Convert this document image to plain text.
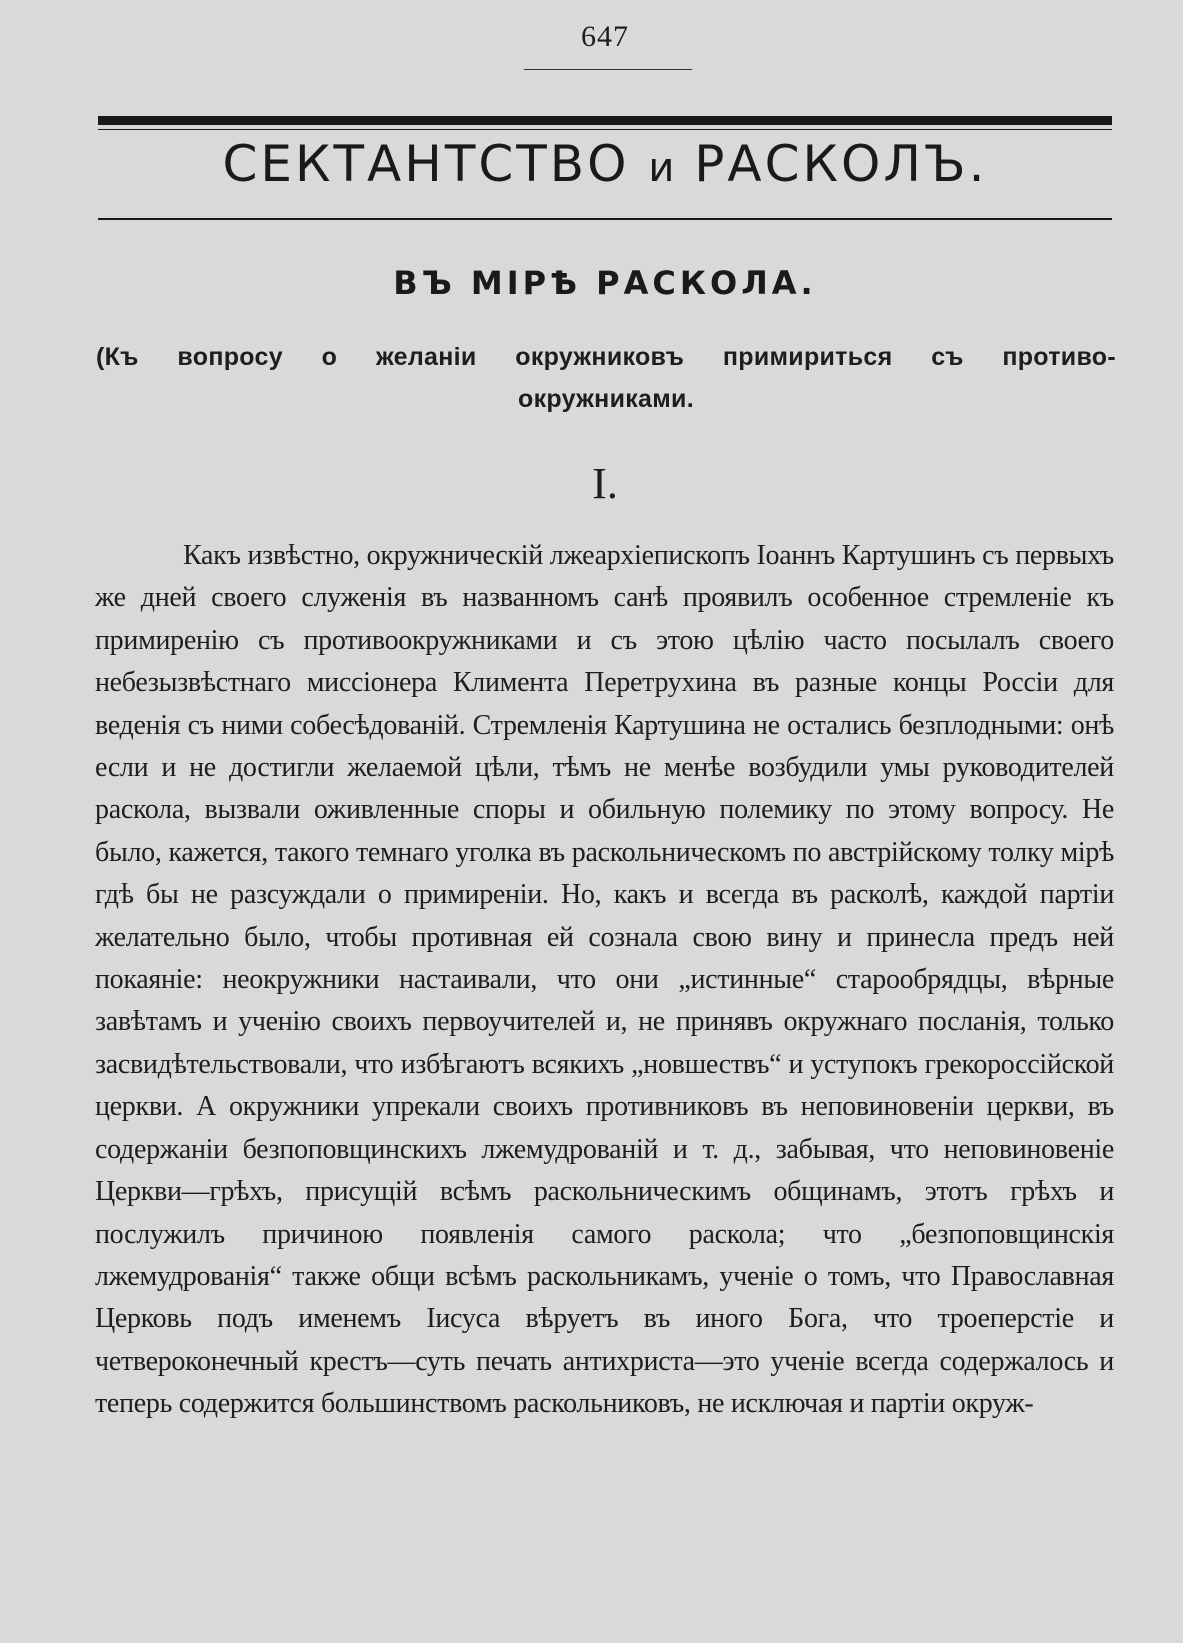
647
СЕКТАНТСТВО и РАСКОЛЪ.
ВЪ МІРѢ РАСКОЛА.

(Къ вопросу о желаніи окружниковъ примириться съ противо-окружниками.

I.

Какъ извѣстно, окружническій лжеархіепископъ Іоаннъ Картушинъ съ первыхъ же дней своего служенія въ названномъ санѣ проявилъ особенное стремленіе къ примиренію съ противоокружниками и съ этою цѣлію часто посылалъ своего небезызвѣстнаго миссіонера Климента Перетрухина въ разные концы Россіи для веденія съ ними собесѣдованій. Стремленія Картушина не остались безплодными: онѣ если и не достигли желаемой цѣли, тѣмъ не менѣе возбудили умы руководителей раскола, вызвали оживленные споры и обильную полемику по этому вопросу. Не было, кажется, такого темнаго уголка въ раскольническомъ по австрійскому толку мірѣ гдѣ бы не разсуждали о примиреніи. Но, какъ и всегда въ расколѣ, каждой партіи желательно было, чтобы противная ей сознала свою вину и принесла предъ ней покаяніе: неокружники настаивали, что они „истинные“ старообрядцы, вѣрные завѣтамъ и ученію своихъ первоучителей и, не принявъ окружнаго посланія, только засвидѣтельствовали, что избѣгаютъ всякихъ „новшествъ“ и уступокъ грекороссійской церкви. А окружники упрекали своихъ противниковъ въ неповиновеніи церкви, въ содержаніи безпоповщинскихъ лжемудрованій и т. д., забывая, что неповиновеніе Церкви—грѣхъ, присущій всѣмъ раскольническимъ общинамъ, этотъ грѣхъ и послужилъ причиною появленія самого раскола; что „безпоповщинскія лжемудрованія“ также общи всѣмъ раскольникамъ, ученіе о томъ, что Православная Церковь подъ именемъ Іисуса вѣруетъ въ иного Бога, что троеперстіе и четвероконечный крестъ—суть печать антихриста—это ученіе всегда содержалось и теперь содержится большинствомъ раскольниковъ, не исключая и партіи окруж-
